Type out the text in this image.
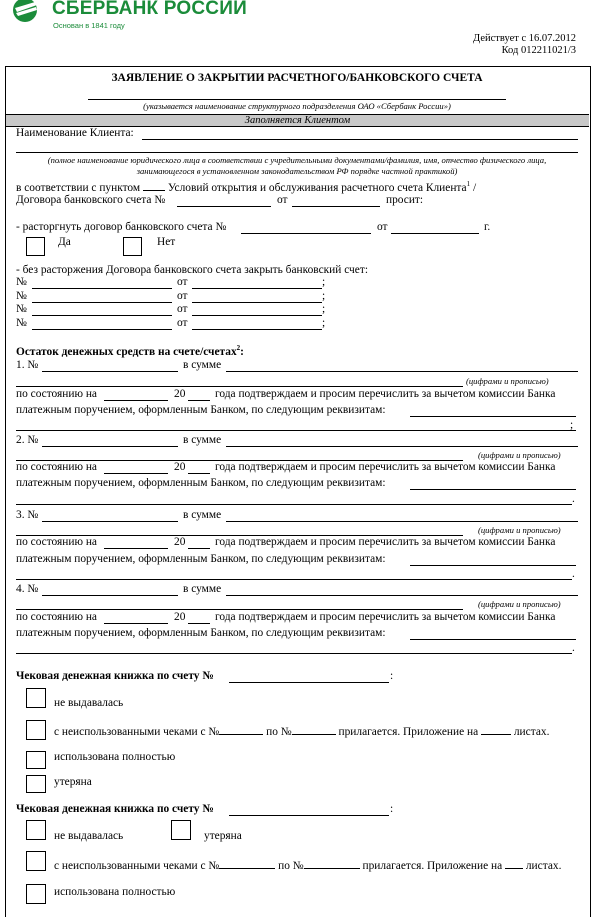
СБЕРБАНК РОССИИ
Основан в 1841 году
Действует с 16.07.2012
Код 012211021/3
ЗАЯВЛЕНИЕ О ЗАКРЫТИИ РАСЧЕТНОГО/БАНКОВСКОГО СЧЕТА
(указывается наименование структурного подразделения ОАО «Сбербанк России»)
Заполняется Клиентом
Наименование Клиента:
(полное наименование юридического лица в соответствии с учредительными документами/фамилия, имя, отчество физического лица,
занимающегося в установленном законодательством РФ порядке частной практикой)
в соответствии с пунктом Условий открытия и обслуживания расчетного счета Клиента$^1$ /
Договора банковского счета №	от	просит:
- расторгнуть договор банковского счета №	от	г.
Да	Нет
- без расторжения Договора банковского счета закрыть банковский счет:
№	от	;
№	от	;
№	от	;
№	от	;
Остаток денежных средств на счете/счетах$^2$:
1. №	в сумме
(цифрами и прописью)
по состоянию на	20	года подтверждаем и просим перечислить за вычетом комиссии Банка
платежным поручением, оформленным Банком, по следующим реквизитам:
;
2. №	в сумме
(цифрами и прописью)
по состоянию на	20	года подтверждаем и просим перечислить за вычетом комиссии Банка
платежным поручением, оформленным Банком, по следующим реквизитам:
.
3. №	в сумме
(цифрами и прописью)
по состоянию на	20	года подтверждаем и просим перечислить за вычетом комиссии Банка
платежным поручением, оформленным Банком, по следующим реквизитам:
.
4. №	в сумме
(цифрами и прописью)
по состоянию на	20	года подтверждаем и просим перечислить за вычетом комиссии Банка
платежным поручением, оформленным Банком, по следующим реквизитам:
.
Чековая денежная книжка по счету №	:
не выдавалась
с неиспользованными чеками с №	по №	прилагается. Приложение на	листах.
использована полностью
утеряна
Чековая денежная книжка по счету №	:
не выдавалась	утеряна
с неиспользованными чеками с №	по №	прилагается. Приложение на листах.
использована полностью
